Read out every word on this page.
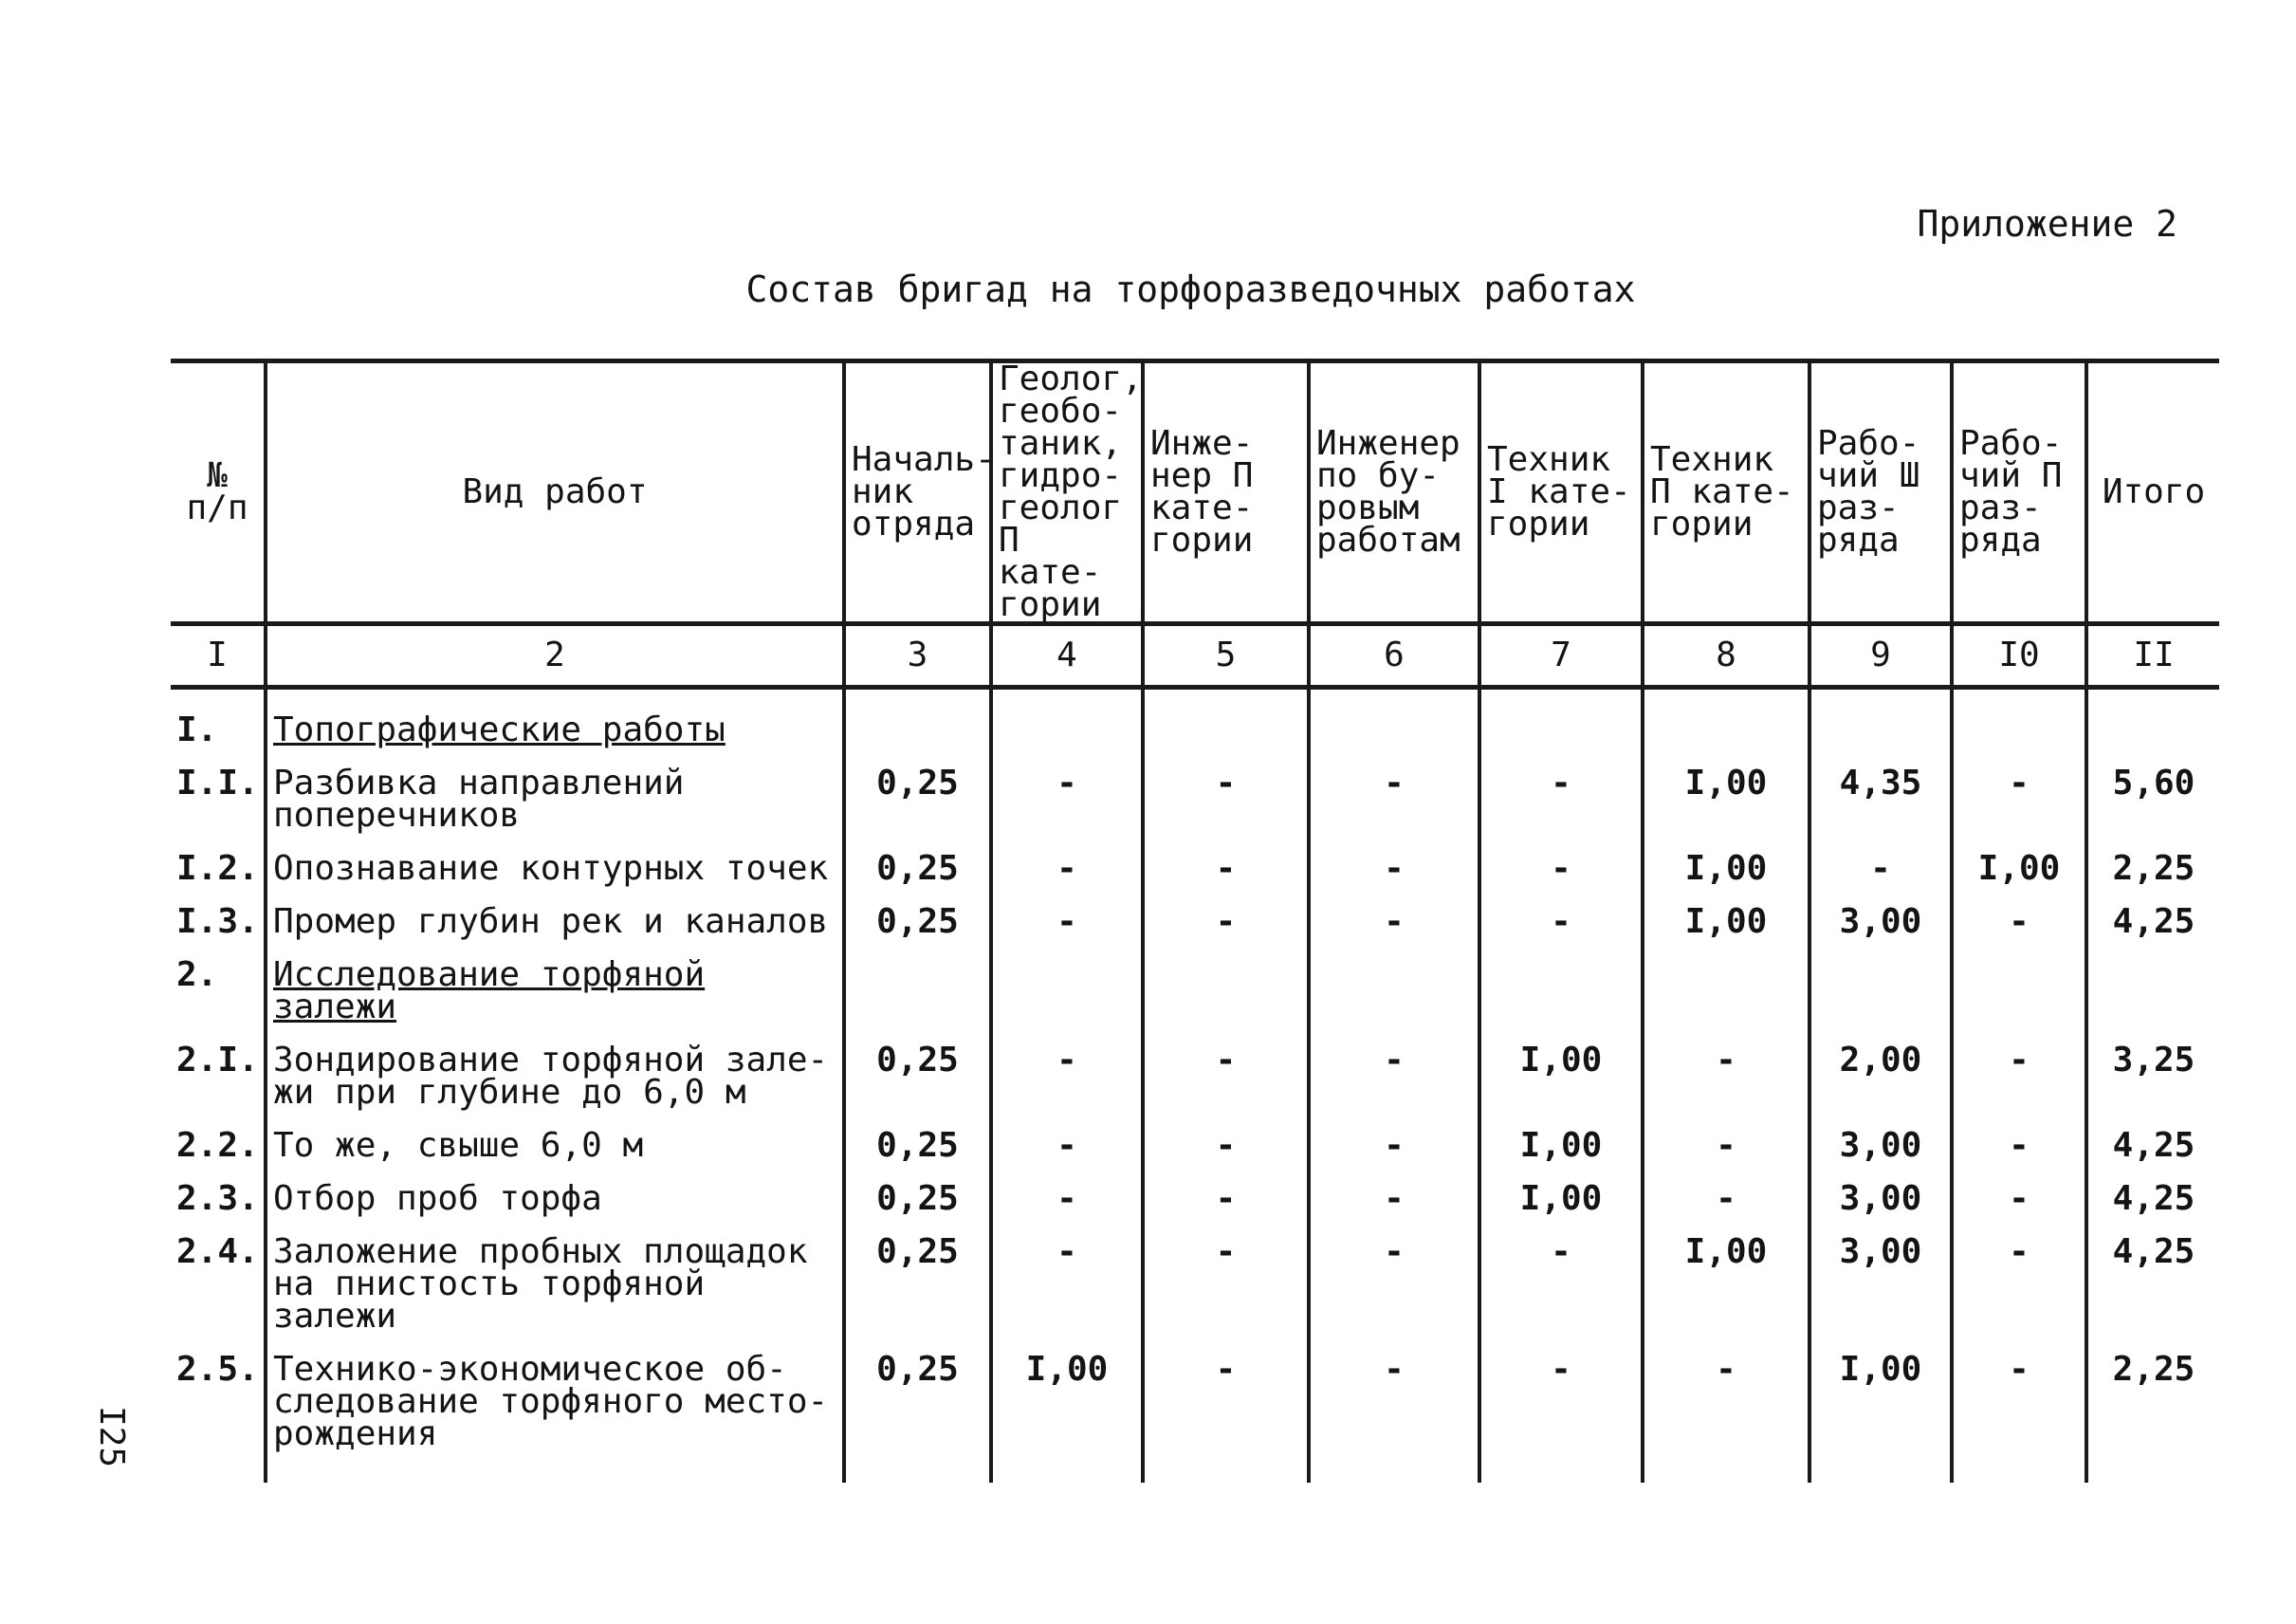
Приложение 2
Состав бригад на торфоразведочных работах
№ п/п	Вид работ	Началь-ник отряда	Геолог, геобо-таник, гидро-геолог П кате-гории	Инже-нер П кате-гории	Инженер по бу-ровым работам	Техник I кате-гории	Техник П кате-гории	Рабо-чий Ш раз-ряда	Рабо-чий П раз-ряда	Итого
I	2	3	4	5	6	7	8	9	I0	II
I.	Топографические работы									
I.I.	Разбивка направлений поперечников	0,25	-	-	-	-	I,00	4,35	-	5,60
I.2.	Опознавание контурных точек	0,25	-	-	-	-	I,00	-	I,00	2,25
I.3.	Промер глубин рек и каналов	0,25	-	-	-	-	I,00	3,00	-	4,25
2.	Исследование торфяной залежи									
2.I.	Зондирование торфяной зале-жи при глубине до 6,0 м	0,25	-	-	-	I,00	-	2,00	-	3,25
2.2.	То же, свыше 6,0 м	0,25	-	-	-	I,00	-	3,00	-	4,25
2.3.	Отбор проб торфа	0,25	-	-	-	I,00	-	3,00	-	4,25
2.4.	Заложение пробных площадок на пнистость торфяной залежи	0,25	-	-	-	-	I,00	3,00	-	4,25
2.5.	Технико-экономическое об-следование торфяного место-рождения	0,25	I,00	-	-	-	-	I,00	-	2,25
I25
